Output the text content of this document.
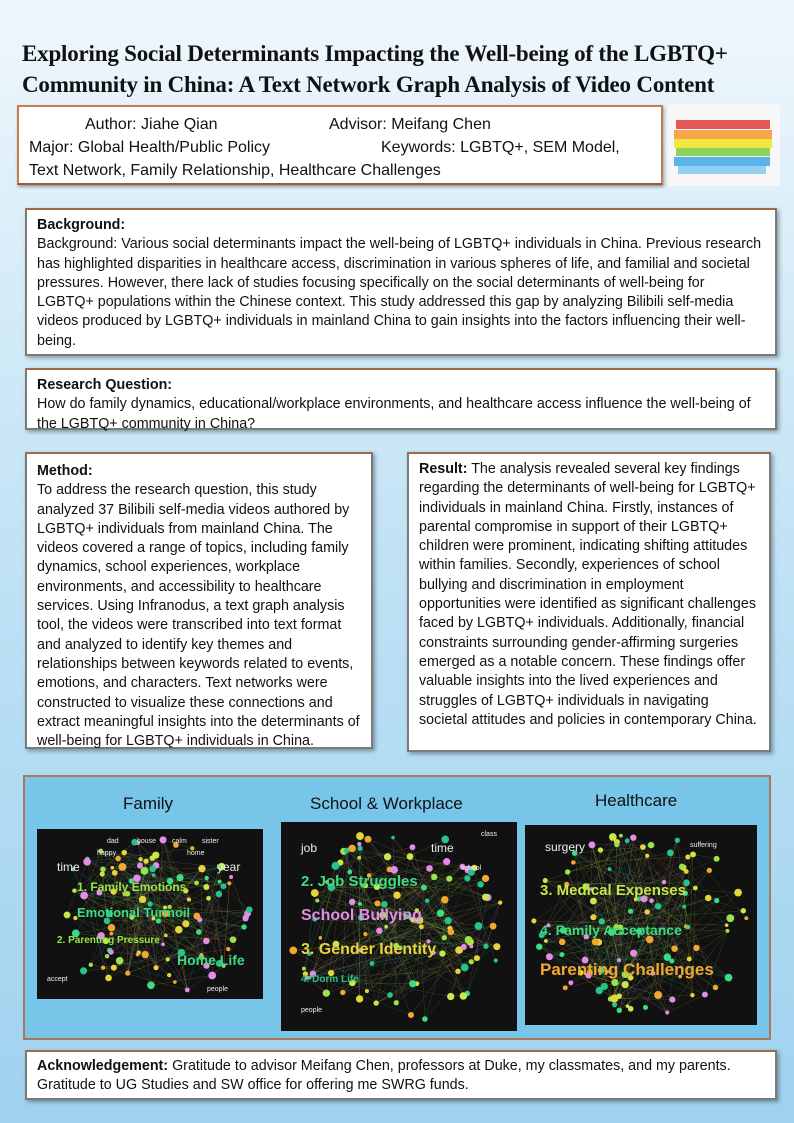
Exploring Social Determinants Impacting the Well-being of the LGBTQ+ Community in China: A Text Network Graph Analysis of Video Content
Author: Jiahe Qian	Advisor: Meifang Chen
Major: Global Health/Public Policy	Keywords: LGBTQ+, SEM Model,
Text Network, Family Relationship, Healthcare Challenges
Background:
Background: Various social determinants impact the well-being of LGBTQ+ individuals in China. Previous research has highlighted disparities in healthcare access, discrimination in various spheres of life, and familial and societal pressures. However, there lack of studies focusing specifically on the social determinants of well-being for LGBTQ+ populations within the Chinese context. This study addressed this gap by analyzing Bilibili self-media videos produced by LGBTQ+ individuals in mainland China to gain insights into the factors influencing their well-being.
Research Question:
How do family dynamics, educational/workplace environments, and healthcare access influence the well-being of the LGBTQ+ community in China?
Method:
To address the research question, this study analyzed 37 Bilibili self-media videos authored by LGBTQ+ individuals from mainland China. The videos covered a range of topics, including family dynamics, school experiences, workplace environments, and accessibility to healthcare services. Using Infranodus, a text graph analysis tool, the videos were transcribed into text format and analyzed to identify key themes and relationships between keywords related to events, emotions, and characters. Text networks were constructed to visualize these connections and extract meaningful insights into the determinants of well-being for LGBTQ+ individuals in China.
Result: The analysis revealed several key findings regarding the determinants of well-being for LGBTQ+ individuals in mainland China. Firstly, instances of parental compromise in support of their LGBTQ+ children were prominent, indicating shifting attitudes within families. Secondly, experiences of school bullying and discrimination in employment opportunities were identified as significant challenges faced by LGBTQ+ individuals. Additionally, financial constraints surrounding gender-affirming surgeries emerged as a notable concern. These findings offer valuable insights into the lived experiences and struggles of LGBTQ+ individuals in navigating societal attitudes and policies in contemporary China.
Family	School & Workplace	Healthcare
time	year
home
accept
people
dad	house calm sister
happy
1. Family Emotions
Emotional Turmoil
2. Parenting Pressure
Home Life
job	time
school
people
class
2. Job Struggles
School Bullying
3. Gender Identity
4. Dorm Life
suffering
surgery
3. Medical Expenses
4. Family Acceptance
Parenting Challenges
Acknowledgement: Gratitude to advisor Meifang Chen, professors at Duke, my classmates, and my parents. Gratitude to UG Studies and SW office for offering me SWRG funds.
